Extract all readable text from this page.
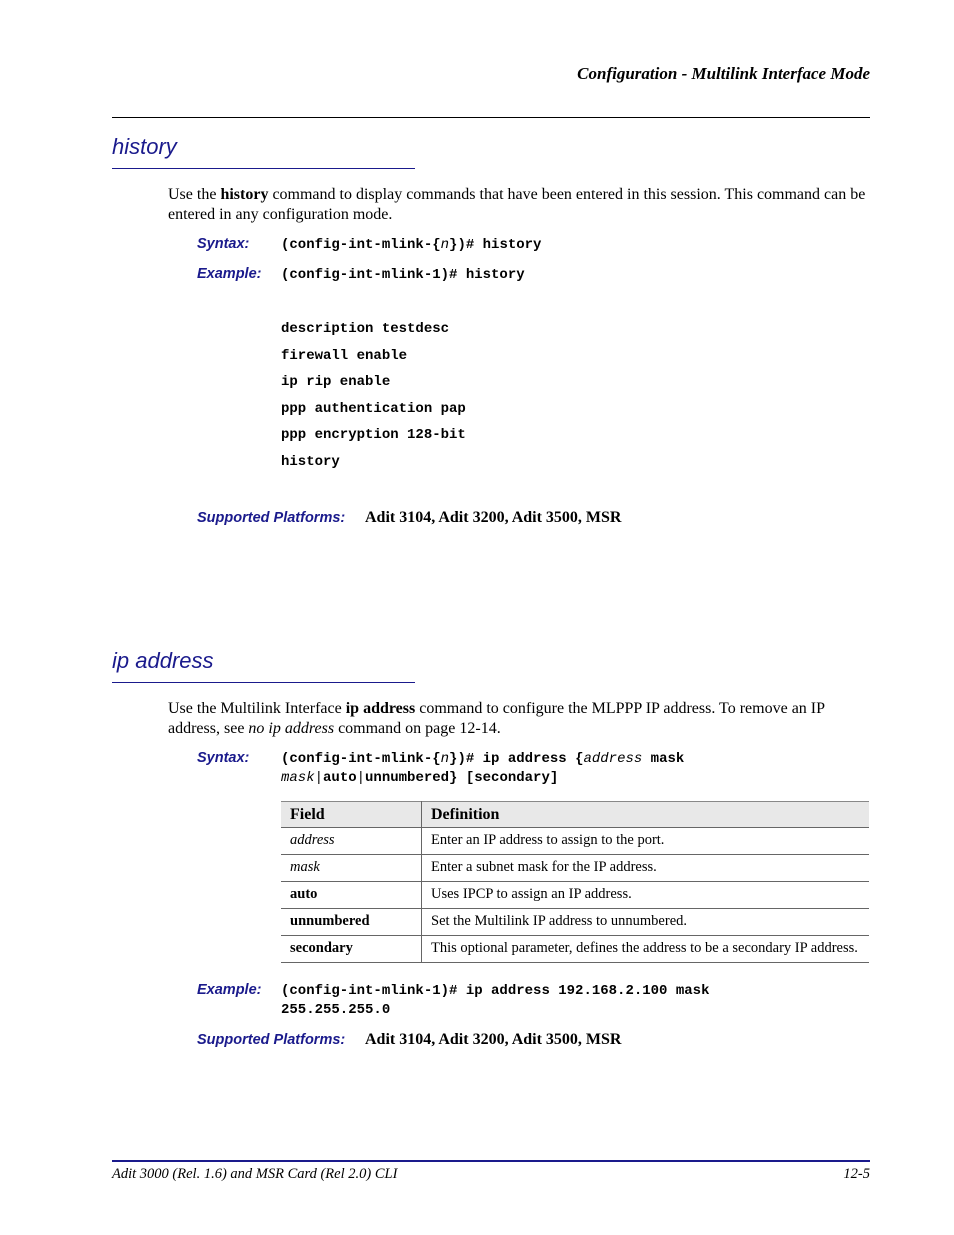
Configuration - Multilink Interface Mode
history
Use the history command to display commands that have been entered in this session. This command can be entered in any configuration mode.
Syntax: (config-int-mlink-{n})# history
Example: (config-int-mlink-1)# history
description testdesc
firewall enable
ip rip enable
ppp authentication pap
ppp encryption 128-bit
history
Supported Platforms: Adit 3104, Adit 3200, Adit 3500, MSR
ip address
Use the Multilink Interface ip address command to configure the MLPPP IP address. To remove an IP address, see no ip address command on page 12-14.
Syntax: (config-int-mlink-{n})# ip address {address mask
mask|auto|unnumbered} [secondary]
Field	Definition
address	Enter an IP address to assign to the port.
mask	Enter a subnet mask for the IP address.
auto	Uses IPCP to assign an IP address.
unnumbered	Set the Multilink IP address to unnumbered.
secondary	This optional parameter, defines the address to be a secondary IP address.
Example: (config-int-mlink-1)# ip address 192.168.2.100 mask
255.255.255.0
Supported Platforms: Adit 3104, Adit 3200, Adit 3500, MSR
Adit 3000 (Rel. 1.6) and MSR Card (Rel 2.0) CLI	12-5
